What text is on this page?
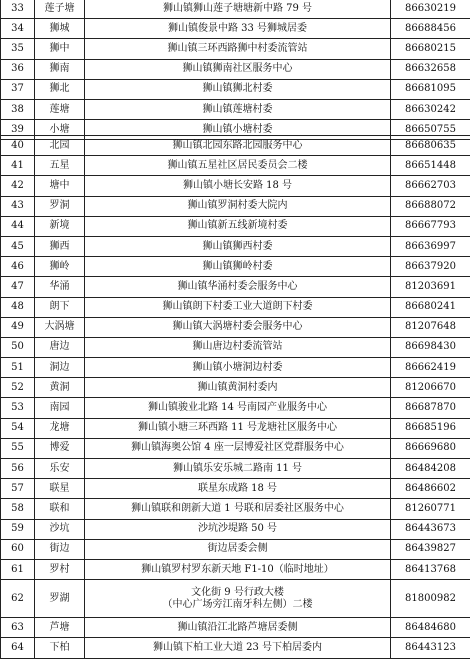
33	莲子塘	狮山镇狮山莲子塘塘新中路 79 号	86630219
34	狮城	狮山镇俊景中路 33 号狮城居委	86688456
35	狮中	狮山镇三环西路狮中村委流管站	86680215
36	狮南	狮山镇狮南社区服务中心	86632658
37	狮北	狮山镇狮北村委	86681095
38	莲塘	狮山镇莲塘村委	86630242
39	小塘	狮山镇小塘村委	86650755
40	北园	狮山镇北园东路北园服务中心	86680635
41	五星	狮山镇五星社区居民委员会二楼	86651448
42	塘中	狮山镇小塘长安路 18 号	86662703
43	罗洞	狮山镇罗洞村委大院内	86688072
44	新境	狮山镇新五线新境村委	86667793
45	狮西	狮山镇狮西村委	86636997
46	狮岭	狮山镇狮岭村委	86637920
47	华涌	狮山镇华涌村委会服务中心	81203691
48	朗下	狮山镇朗下村委工业大道朗下村委	86680241
49	大涡塘	狮山镇大涡塘村委会服务中心	81207648
50	唐边	狮山唐边村委流管站	86698430
51	洞边	狮山镇小塘洞边村委	86662419
52	黄洞	狮山镇黄洞村委内	81206670
53	南园	狮山镇骏业北路 14 号南园产业服务中心	86687870
54	龙塘	狮山镇小塘三环西路 11 号龙塘社区服务中心	86685196
55	博爱	狮山镇海奥公馆 4 座一层博爱社区党群服务中心	86669680
56	乐安	狮山镇乐安乐城二路南 11 号	86484208
57	联星	联星东成路 18 号	86486602
58	联和	狮山镇联和朗新大道 1 号联和居委社区服务中心	81260771
59	沙坑	沙坑沙堤路 50 号	86443673
60	街边	街边居委会侧	86439827
61	罗村	狮山镇罗村罗东新天地 F1-10（临时地址）	86413768
62	罗湖	文化街 9 号行政大楼
（中心广场旁江南牙科左侧）二楼	81800982
63	芦塘	狮山镇沿江北路芦塘居委侧	86484680
64	下柏	狮山镇下柏工业大道 23 号下柏居委内	86443123
